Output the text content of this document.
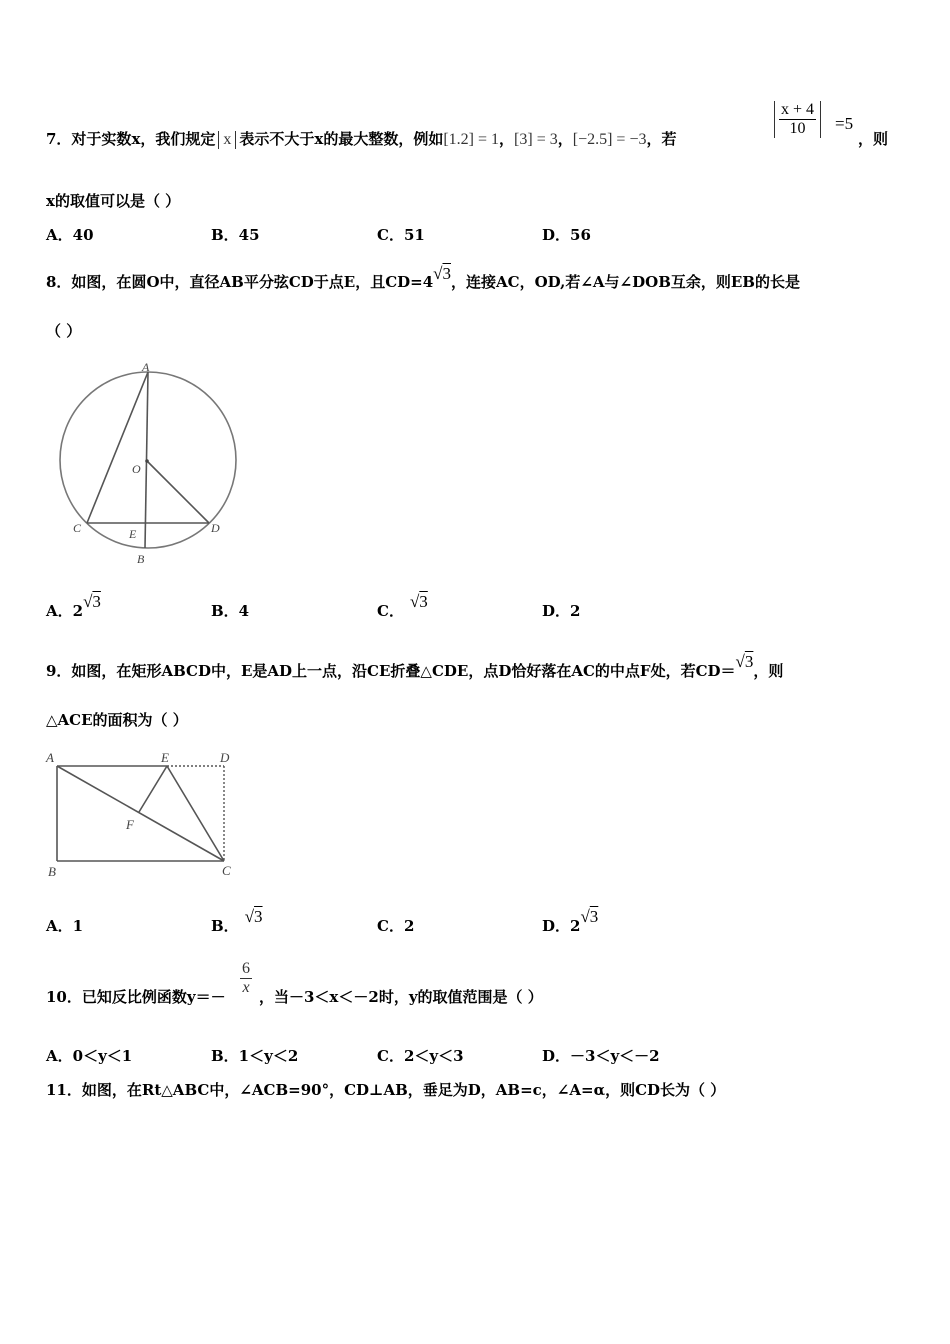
7．对于实数x，我们规定 x 表示不大于x的最大整数，例如[1.2] = 1，[3] = 3，[−2.5] = −3，若
$\frac{x + 4}{10} =5$
，则
x的取值可以是（ ）
A．40	B．45	C．51	D．56
8．如图，在圆O中，直径AB平分弦CD于点E，且CD=4√3，连接AC，OD,若∠A与∠DOB互余，则EB的长是
（ ）
A
O
C	E	D
B
A．2√3	B．4	C． √3	D．2
9．如图，在矩形ABCD中，E是AD上一点，沿CE折叠△CDE，点D恰好落在AC的中点F处，若CD＝√3，则
△ACE的面积为（ ）
A	E	D
F
B	C
A．1	B． √3	C．2	D．2√3
10．已知反比例函数$y=- \frac{6}{x}$ ，当－3＜x＜－2时，y的取值范围是（ ）
A．0＜y＜1	B．1＜y＜2	C．2＜y＜3	D．－3＜y＜－2
11．如图，在Rt△ABC中，∠ACB=90°，CD⊥AB，垂足为D，AB=c，∠A=α，则CD长为（ ）
